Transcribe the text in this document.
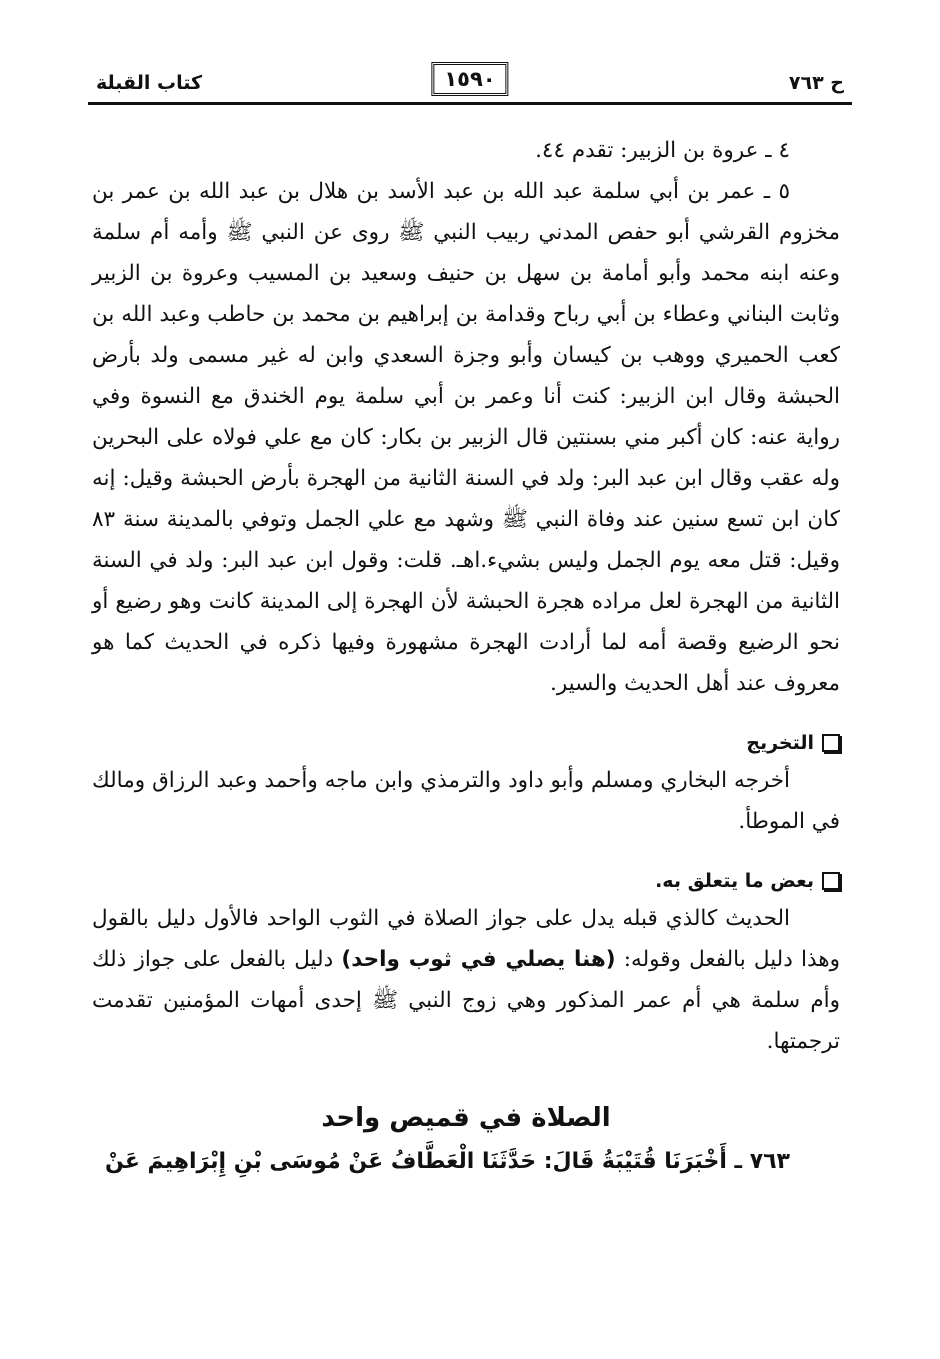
كتاب القبلة	١٥٩٠	ح ٧٦٣

٤ ـ عروة بن الزبير: تقدم ٤٤.

٥ ـ عمر بن أبي سلمة عبد الله بن عبد الأسد بن هلال بن عبد الله بن عمر بن مخزوم القرشي أبو حفص المدني ربيب النبي ﷺ روى عن النبي ﷺ وأمه أم سلمة وعنه ابنه محمد وأبو أمامة بن سهل بن حنيف وسعيد بن المسيب وعروة بن الزبير وثابت البناني وعطاء بن أبي رباح وقدامة بن إبراهيم بن محمد بن حاطب وعبد الله بن كعب الحميري ووهب بن كيسان وأبو وجزة السعدي وابن له غير مسمى ولد بأرض الحبشة وقال ابن الزبير: كنت أنا وعمر بن أبي سلمة يوم الخندق مع النسوة وفي رواية عنه: كان أكبر مني بسنتين قال الزبير بن بكار: كان مع علي فولاه على البحرين وله عقب وقال ابن عبد البر: ولد في السنة الثانية من الهجرة بأرض الحبشة وقيل: إنه كان ابن تسع سنين عند وفاة النبي ﷺ وشهد مع علي الجمل وتوفي بالمدينة سنة ٨٣ وقيل: قتل معه يوم الجمل وليس بشيء.اهـ. قلت: وقول ابن عبد البر: ولد في السنة الثانية من الهجرة لعل مراده هجرة الحبشة لأن الهجرة إلى المدينة كانت وهو رضيع أو نحو الرضيع وقصة أمه لما أرادت الهجرة مشهورة وفيها ذكره في الحديث كما هو معروف عند أهل الحديث والسير.

التخريج

أخرجه البخاري ومسلم وأبو داود والترمذي وابن ماجه وأحمد وعبد الرزاق ومالك في الموطأ.

بعض ما يتعلق به.

الحديث كالذي قبله يدل على جواز الصلاة في الثوب الواحد فالأول دليل بالقول وهذا دليل بالفعل وقوله: (هنا يصلي في ثوب واحد) دليل بالفعل على جواز ذلك وأم سلمة هي أم عمر المذكور وهي زوج النبي ﷺ إحدى أمهات المؤمنين تقدمت ترجمتها.

الصلاة في قميص واحد

٧٦٣ ـ أَخْبَرَنَا قُتَيْبَةُ قَالَ: حَدَّثَنَا الْعَطَّافُ عَنْ مُوسَى بْنِ إِبْرَاهِيمَ عَنْ
